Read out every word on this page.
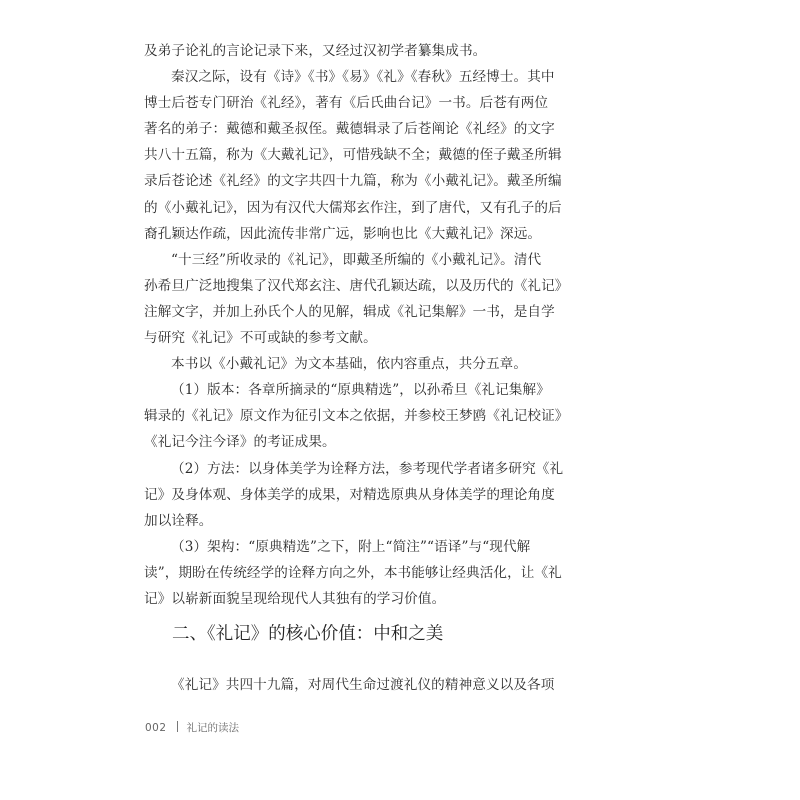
及弟子论礼的言论记录下来，又经过汉初学者纂集成书。
秦汉之际，设有《诗》《书》《易》《礼》《春秋》五经博士。其中
博士后苍专门研治《礼经》，著有《后氏曲台记》一书。后苍有两位
著名的弟子：戴德和戴圣叔侄。戴德辑录了后苍阐论《礼经》的文字
共八十五篇，称为《大戴礼记》，可惜残缺不全；戴德的侄子戴圣所辑
录后苍论述《礼经》的文字共四十九篇，称为《小戴礼记》。戴圣所编
的《小戴礼记》，因为有汉代大儒郑玄作注，到了唐代，又有孔子的后
裔孔颖达作疏，因此流传非常广远，影响也比《大戴礼记》深远。
“十三经”所收录的《礼记》，即戴圣所编的《小戴礼记》。清代
孙希旦广泛地搜集了汉代郑玄注、唐代孔颖达疏，以及历代的《礼记》
注解文字，并加上孙氏个人的见解，辑成《礼记集解》一书，是自学
与研究《礼记》不可或缺的参考文献。
本书以《小戴礼记》为文本基础，依内容重点，共分五章。
（1）版本：各章所摘录的“原典精选”，以孙希旦《礼记集解》
辑录的《礼记》原文作为征引文本之依据，并参校王梦鸥《礼记校证》
《礼记今注今译》的考证成果。
（2）方法：以身体美学为诠释方法，参考现代学者诸多研究《礼
记》及身体观、身体美学的成果，对精选原典从身体美学的理论角度
加以诠释。
（3）架构：“原典精选”之下，附上“简注”“语译”与“现代解
读”，期盼在传统经学的诠释方向之外，本书能够让经典活化，让《礼
记》以崭新面貌呈现给现代人其独有的学习价值。
二、《礼记》的核心价值：中和之美
《礼记》共四十九篇，对周代生命过渡礼仪的精神意义以及各项
002 礼记的读法
